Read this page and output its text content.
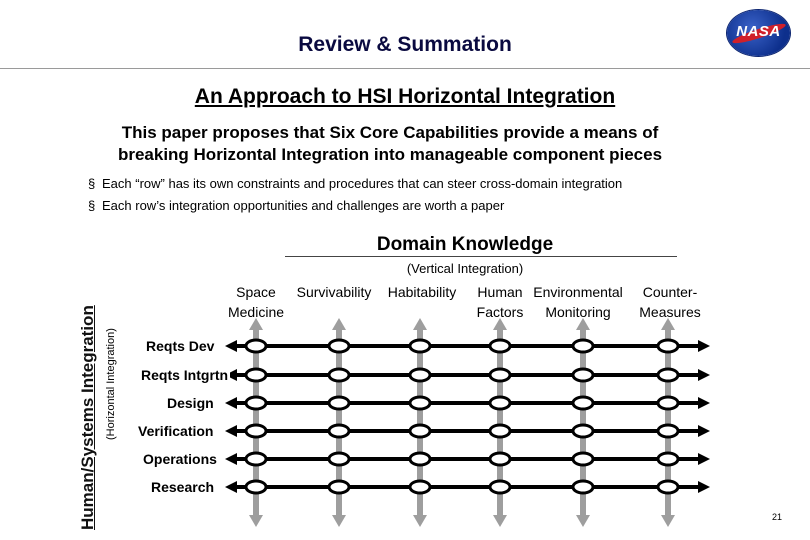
Review & Summation
NASA
An Approach to HSI Horizontal Integration
This paper proposes that Six Core Capabilities provide a means of
breaking Horizontal Integration into manageable component pieces
§ Each “row” has its own constraints and procedures that can steer cross-domain integration
§ Each row’s integration opportunities and challenges are worth a paper
Human/Systems Integration (Horizontal Integration)
Domain Knowledge
(Vertical Integration)
Space
Medicine
Survivability	Habitability	Human
Factors
Environmental
Monitoring
Counter-
Measures
Reqts Dev
Reqts Intgrtn
Design
Verification
Operations
Research
21
